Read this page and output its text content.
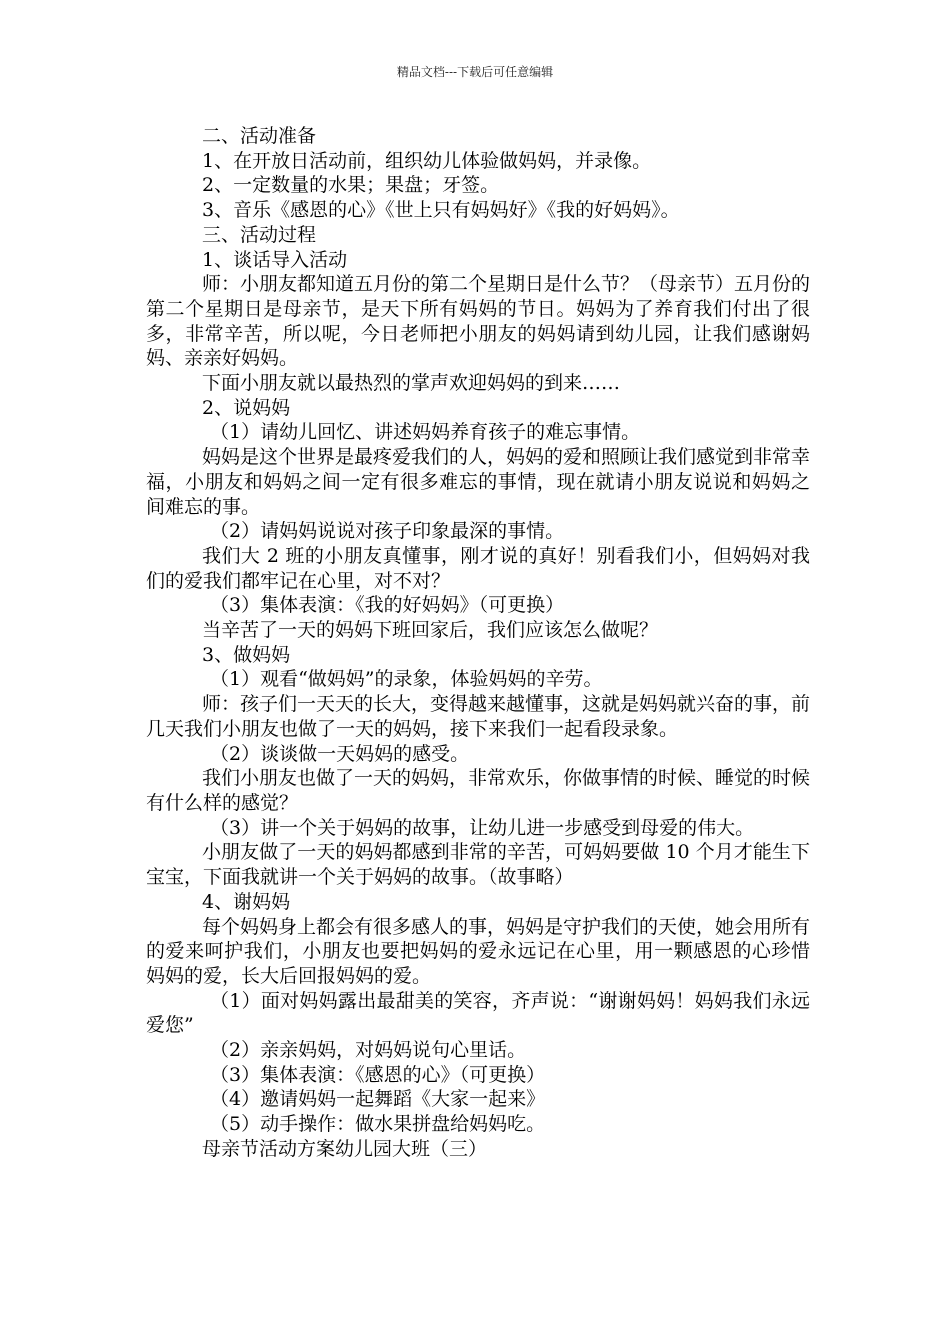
精品文档---下载后可任意编辑

二、活动准备

1、在开放日活动前，组织幼儿体验做妈妈，并录像。

2、一定数量的水果；果盘；牙签。

3、音乐《感恩的心》《世上只有妈妈好》《我的好妈妈》。

三、活动过程

1、谈话导入活动

师：小朋友都知道五月份的第二个星期日是什么节？（母亲节）五月份的第二个星期日是母亲节，是天下所有妈妈的节日。妈妈为了养育我们付出了很多，非常辛苦，所以呢，今日老师把小朋友的妈妈请到幼儿园，让我们感谢妈妈、亲亲好妈妈。

下面小朋友就以最热烈的掌声欢迎妈妈的到来……

2、说妈妈

（1）请幼儿回忆、讲述妈妈养育孩子的难忘事情。

妈妈是这个世界是最疼爱我们的人，妈妈的爱和照顾让我们感觉到非常幸福，小朋友和妈妈之间一定有很多难忘的事情，现在就请小朋友说说和妈妈之间难忘的事。

（2）请妈妈说说对孩子印象最深的事情。

我们大 2 班的小朋友真懂事，刚才说的真好！别看我们小，但妈妈对我们的爱我们都牢记在心里，对不对？

（3）集体表演：《我的好妈妈》（可更换）

当辛苦了一天的妈妈下班回家后，我们应该怎么做呢？

3、做妈妈

（1）观看“做妈妈”的录象，体验妈妈的辛劳。

师：孩子们一天天的长大，变得越来越懂事，这就是妈妈就兴奋的事，前几天我们小朋友也做了一天的妈妈，接下来我们一起看段录象。

（2）谈谈做一天妈妈的感受。

我们小朋友也做了一天的妈妈，非常欢乐，你做事情的时候、睡觉的时候有什么样的感觉？

（3）讲一个关于妈妈的故事，让幼儿进一步感受到母爱的伟大。

小朋友做了一天的妈妈都感到非常的辛苦，可妈妈要做 10 个月才能生下宝宝，下面我就讲一个关于妈妈的故事。（故事略）

4、谢妈妈

每个妈妈身上都会有很多感人的事，妈妈是守护我们的天使，她会用所有的爱来呵护我们，小朋友也要把妈妈的爱永远记在心里，用一颗感恩的心珍惜妈妈的爱，长大后回报妈妈的爱。

（1）面对妈妈露出最甜美的笑容，齐声说：“谢谢妈妈！妈妈我们永远爱您”

（2）亲亲妈妈，对妈妈说句心里话。

（3）集体表演：《感恩的心》（可更换）

（4）邀请妈妈一起舞蹈《大家一起来》

（5）动手操作：做水果拼盘给妈妈吃。

母亲节活动方案幼儿园大班（三）
